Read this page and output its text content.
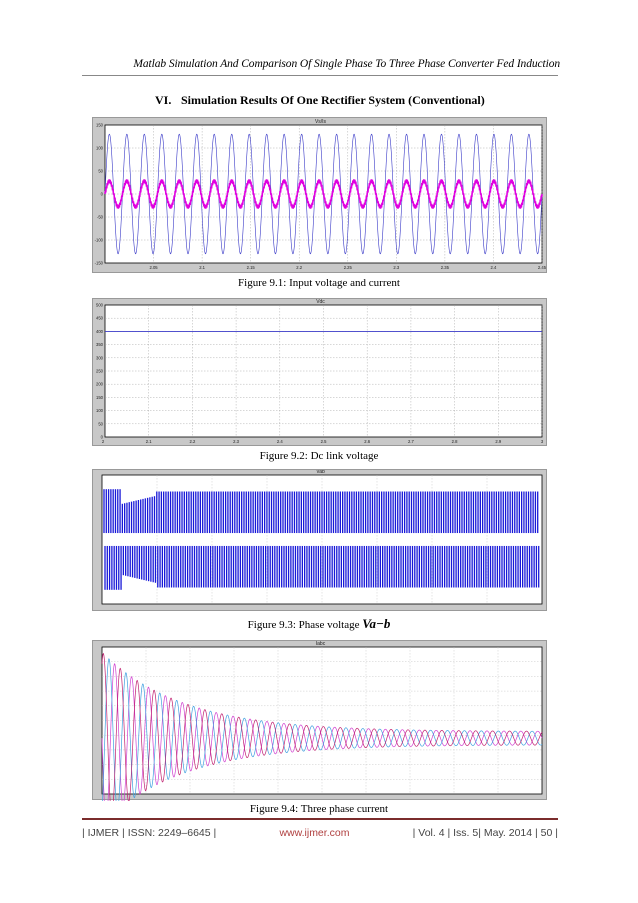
Matlab Simulation And Comparison Of Single Phase To Three Phase Converter Fed Induction
VI. Simulation Results Of One Rectifier System (Conventional)
Vs/Is
150
100
50
0
-50
-100
-150
2.05	2.1	2.15	2.2	2.25	2.3	2.35	2.4	2.45
Figure 9.1: Input voltage and current
Vdc
500
450
400
350
300
250
200
150
100
50
0
2.1	2.2	2.3	2.4	2.5	2.6	2.7	2.8	2.9	3
2
Figure 9.2: Dc link voltage
Vab
Figure 9.3: Phase voltage Va−b
Iabc
Figure 9.4: Three phase current
| IJMER | ISSN: 2249–6645 |	www.ijmer.com	| Vol. 4 | Iss. 5| May. 2014 | 50 |
